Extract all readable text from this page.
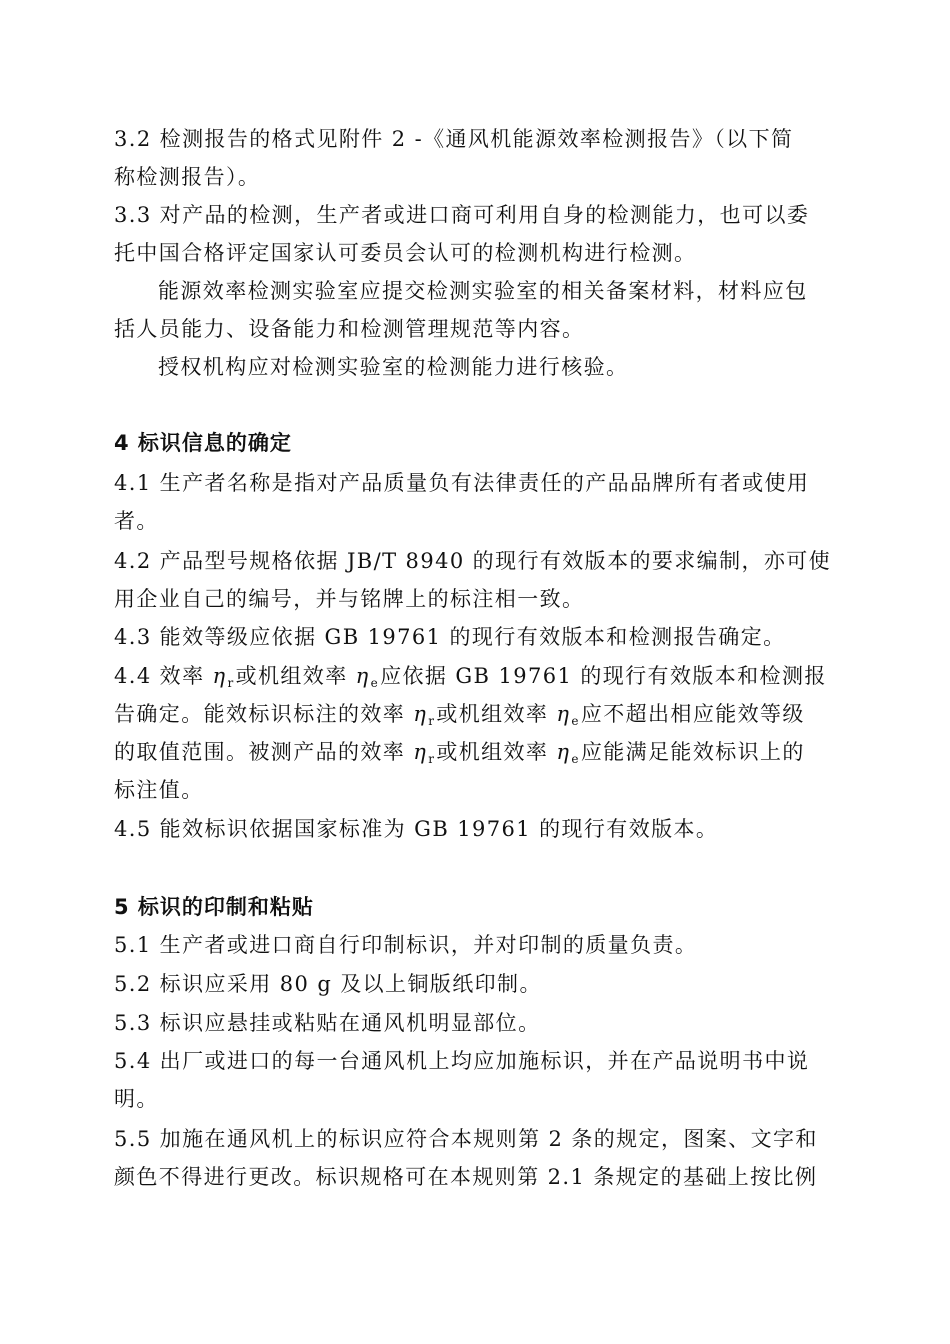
3.2 检测报告的格式见附件 2 -《通风机能源效率检测报告》（以下简
称检测报告）。
3.3 对产品的检测，生产者或进口商可利用自身的检测能力，也可以委
托中国合格评定国家认可委员会认可的检测机构进行检测。
能源效率检测实验室应提交检测实验室的相关备案材料，材料应包
括人员能力、设备能力和检测管理规范等内容。
授权机构应对检测实验室的检测能力进行核验。
4 标识信息的确定
4.1 生产者名称是指对产品质量负有法律责任的产品品牌所有者或使用
者。
4.2 产品型号规格依据 JB/T 8940 的现行有效版本的要求编制，亦可使
用企业自己的编号，并与铭牌上的标注相一致。
4.3 能效等级应依据 GB 19761 的现行有效版本和检测报告确定。
4.4 效率 $\eta_r$或机组效率 $\eta_e$应依据 GB 19761 的现行有效版本和检测报
告确定。能效标识标注的效率 $\eta_r$或机组效率 $\eta_e$应不超出相应能效等级
的取值范围。被测产品的效率 $\eta_r$或机组效率 $\eta_e$应能满足能效标识上的
标注值。
4.5 能效标识依据国家标准为 GB 19761 的现行有效版本。
5 标识的印制和粘贴
5.1 生产者或进口商自行印制标识，并对印制的质量负责。
5.2 标识应采用 80 g 及以上铜版纸印制。
5.3 标识应悬挂或粘贴在通风机明显部位。
5.4 出厂或进口的每一台通风机上均应加施标识，并在产品说明书中说
明。
5.5 加施在通风机上的标识应符合本规则第 2 条的规定，图案、文字和
颜色不得进行更改。标识规格可在本规则第 2.1 条规定的基础上按比例
